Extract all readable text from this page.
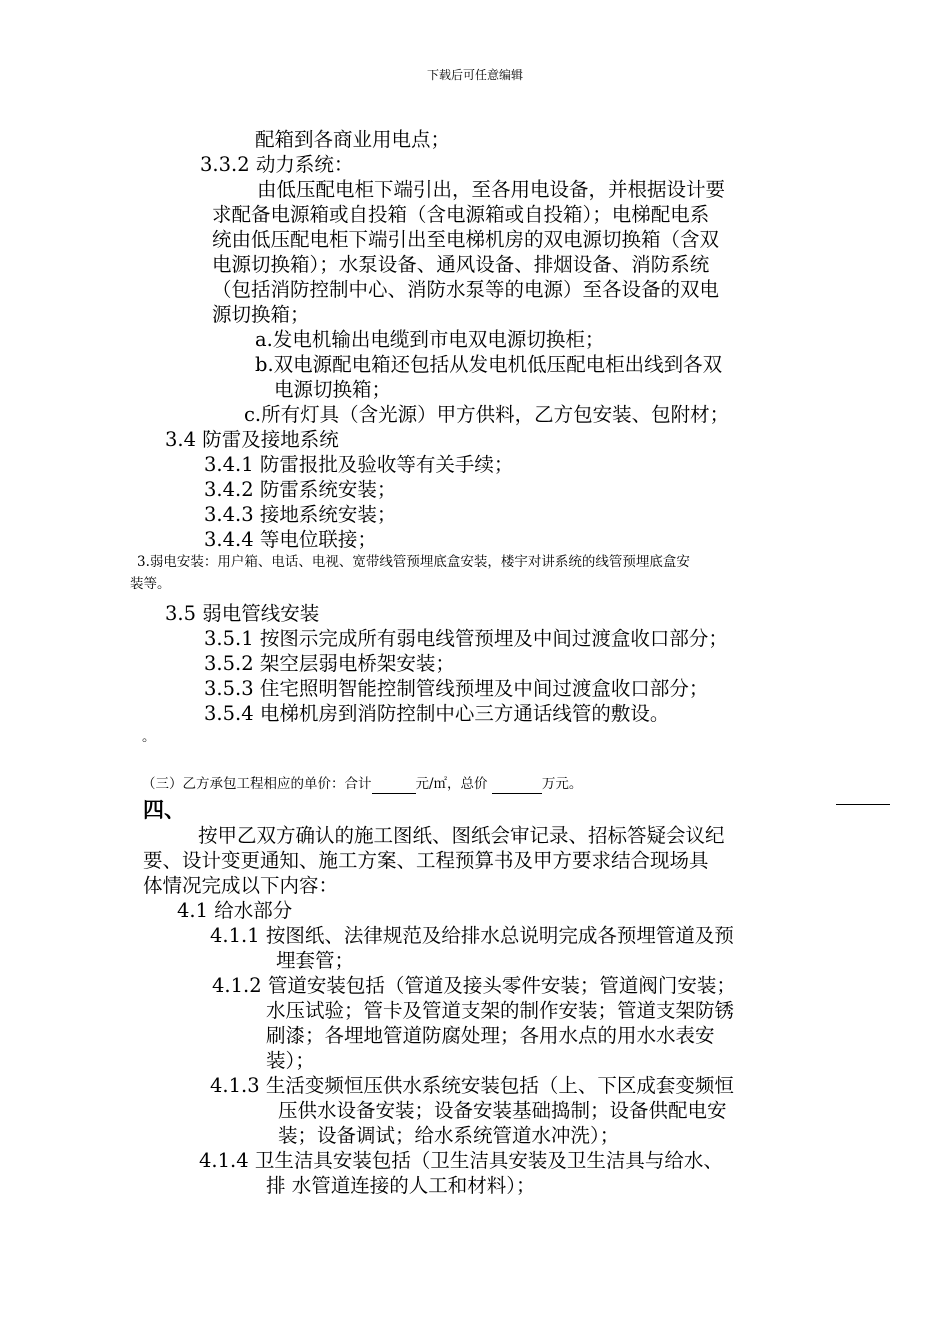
下载后可任意编辑
配箱到各商业用电点；
3.3.2 动力系统：
由低压配电柜下端引出，至各用电设备，并根据设计要
求配备电源箱或自投箱（含电源箱或自投箱）；电梯配电系
统由低压配电柜下端引出至电梯机房的双电源切换箱（含双
电源切换箱）；水泵设备、通风设备、排烟设备、消防系统
（包括消防控制中心、消防水泵等的电源）至各设备的双电
源切换箱；
a.发电机输出电缆到市电双电源切换柜；
b.双电源配电箱还包括从发电机低压配电柜出线到各双
电源切换箱；
c.所有灯具（含光源）甲方供料，乙方包安装、包附材；
3.4 防雷及接地系统
3.4.1 防雷报批及验收等有关手续；
3.4.2 防雷系统安装；
3.4.3 接地系统安装；
3.4.4 等电位联接；
3.弱电安装：用户箱、电话、电视、宽带线管预埋底盒安装，楼宇对讲系统的线管预埋底盒安
装等。
3.5 弱电管线安装
3.5.1 按图示完成所有弱电线管预埋及中间过渡盒收口部分；
3.5.2 架空层弱电桥架安装；
3.5.3 住宅照明智能控制管线预埋及中间过渡盒收口部分；
3.5.4 电梯机房到消防控制中心三方通话线管的敷设。
。
（三）乙方承包工程相应的单价：合计	元/㎡，总价	万元。
四、
按甲乙双方确认的施工图纸、图纸会审记录、招标答疑会议纪
要、设计变更通知、施工方案、工程预算书及甲方要求结合现场具
体情况完成以下内容：
4.1 给水部分
4.1.1 按图纸、法律规范及给排水总说明完成各预埋管道及预
埋套管；
4.1.2 管道安装包括（管道及接头零件安装；管道阀门安装；
水压试验；管卡及管道支架的制作安装；管道支架防锈
刷漆；各埋地管道防腐处理；各用水点的用水水表安
装）；
4.1.3 生活变频恒压供水系统安装包括（上、下区成套变频恒
压供水设备安装；设备安装基础捣制；设备供配电安
装；设备调试；给水系统管道水冲洗）；
4.1.4 卫生洁具安装包括（卫生洁具安装及卫生洁具与给水、
排 水管道连接的人工和材料）；
